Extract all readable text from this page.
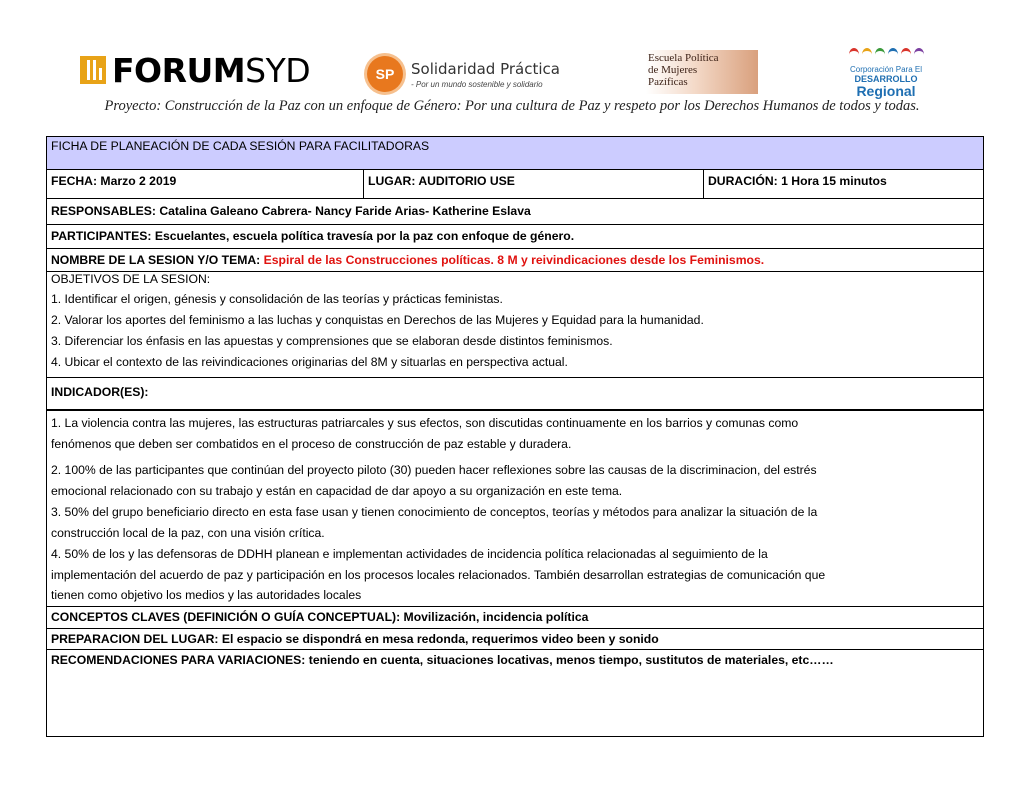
FORUMSYD	SP	Solidaridad Práctica
- Por un mundo sostenible y solidario
Escuela Política
de Mujeres
Pazíficas
Corporación Para El
DESARROLLO
Regional
Proyecto: Construcción de la Paz con un enfoque de Género: Por una cultura de Paz y respeto por los Derechos Humanos de todos y todas.
FICHA DE PLANEACIÓN DE CADA SESIÓN PARA FACILITADORAS
FECHA: Marzo 2 2019	LUGAR: AUDITORIO USE	DURACIÓN: 1 Hora 15 minutos
RESPONSABLES: Catalina Galeano Cabrera- Nancy Faride Arias- Katherine Eslava
PARTICIPANTES: Escuelantes, escuela política travesía por la paz con enfoque de género.
NOMBRE DE LA SESION Y/O TEMA: Espiral de las Construcciones políticas. 8 M y reivindicaciones desde los Feminismos.
OBJETIVOS DE LA SESION:
1. Identificar el origen, génesis y consolidación de las teorías y prácticas feministas.
2. Valorar los aportes del feminismo a las luchas y conquistas en Derechos de las Mujeres y Equidad para la humanidad.
3. Diferenciar los énfasis en las apuestas y comprensiones que se elaboran desde distintos feminismos.
4. Ubicar el contexto de las reivindicaciones originarias del 8M y situarlas en perspectiva actual.
INDICADOR(ES):
1. La violencia contra las mujeres, las estructuras patriarcales y sus efectos, son discutidas continuamente en los barrios y comunas como
fenómenos que deben ser combatidos en el proceso de construcción de paz estable y duradera.
2. 100% de las participantes que continúan del proyecto piloto (30) pueden hacer reflexiones sobre las causas de la discriminacion, del estrés
emocional relacionado con su trabajo y están en capacidad de dar apoyo a su organización en este tema.
3. 50% del grupo beneficiario directo en esta fase usan y tienen conocimiento de conceptos, teorías y métodos para analizar la situación de la
construcción local de la paz, con una visión crítica.
4. 50% de los y las defensoras de DDHH planean e implementan actividades de incidencia política relacionadas al seguimiento de la
implementación del acuerdo de paz y participación en los procesos locales relacionados. También desarrollan estrategias de comunicación que
tienen como objetivo los medios y las autoridades locales
CONCEPTOS CLAVES (DEFINICIÓN O GUÍA CONCEPTUAL): Movilización, incidencia política
PREPARACION DEL LUGAR: El espacio se dispondrá en mesa redonda, requerimos video been y sonido
RECOMENDACIONES PARA VARIACIONES: teniendo en cuenta, situaciones locativas, menos tiempo, sustitutos de materiales, etc……
